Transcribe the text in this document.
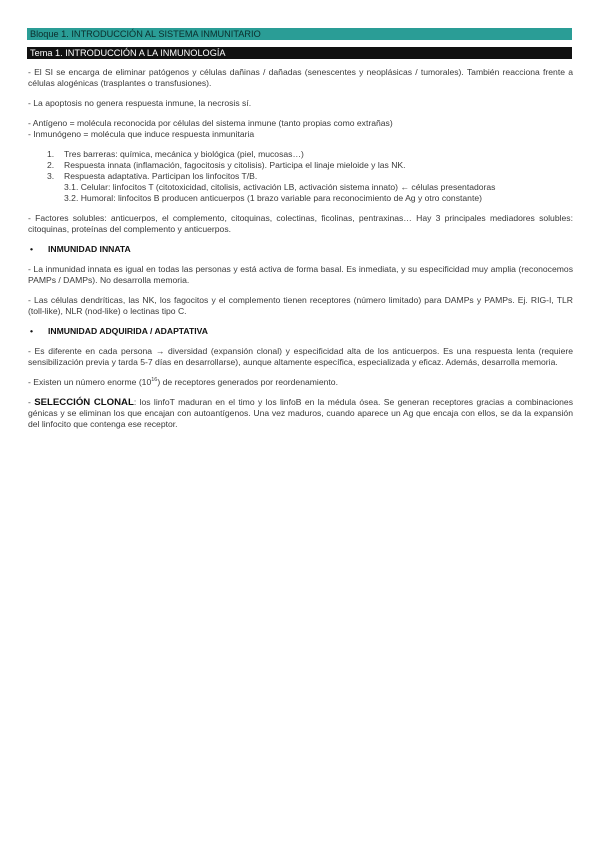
Bloque 1. INTRODUCCIÓN AL SISTEMA INMUNITARIO
Tema 1. INTRODUCCIÓN A LA INMUNOLOGÍA

- El SI se encarga de eliminar patógenos y células dañinas / dañadas (senescentes y neoplásicas / tumorales). También reacciona frente a células alogénicas (trasplantes o transfusiones).

- La apoptosis no genera respuesta inmune, la necrosis sí.

- Antígeno = molécula reconocida por células del sistema inmune (tanto propias como extrañas)

- Inmunógeno = molécula que induce respuesta inmunitaria

1. Tres barreras: química, mecánica y biológica (piel, mucosas…)
2. Respuesta innata (inflamación, fagocitosis y citolisis). Participa el linaje mieloide y las NK.
3. Respuesta adaptativa. Participan los linfocitos T/B.
3.1. Celular: linfocitos T (citotoxicidad, citolisis, activación LB, activación sistema innato) ← células presentadoras
3.2. Humoral: linfocitos B producen anticuerpos (1 brazo variable para reconocimiento de Ag y otro constante)

- Factores solubles: anticuerpos, el complemento, citoquinas, colectinas, ficolinas, pentraxinas… Hay 3 principales mediadores solubles: citoquinas, proteínas del complemento y anticuerpos.

• INMUNIDAD INNATA

- La inmunidad innata es igual en todas las personas y está activa de forma basal. Es inmediata, y su especificidad muy amplia (reconocemos PAMPs / DAMPs). No desarrolla memoria.

- Las células dendríticas, las NK, los fagocitos y el complemento tienen receptores (número limitado) para DAMPs y PAMPs. Ej. RIG-I, TLR (toll-like), NLR (nod-like) o lectinas tipo C.

• INMUNIDAD ADQUIRIDA / ADAPTATIVA

- Es diferente en cada persona → diversidad (expansión clonal) y especificidad alta de los anticuerpos. Es una respuesta lenta (requiere sensibilización previa y tarda 5-7 días en desarrollarse), aunque altamente específica, especializada y eficaz. Además, desarrolla memoria.

- Existen un número enorme $(10^{16})$ de receptores generados por reordenamiento.

- SELECCIÓN CLONAL: los linfoT maduran en el timo y los linfoB en la médula ósea. Se generan receptores gracias a combinaciones génicas y se eliminan los que encajan con autoantígenos. Una vez maduros, cuando aparece un Ag que encaja con ellos, se da la expansión del linfocito que contenga ese receptor.
